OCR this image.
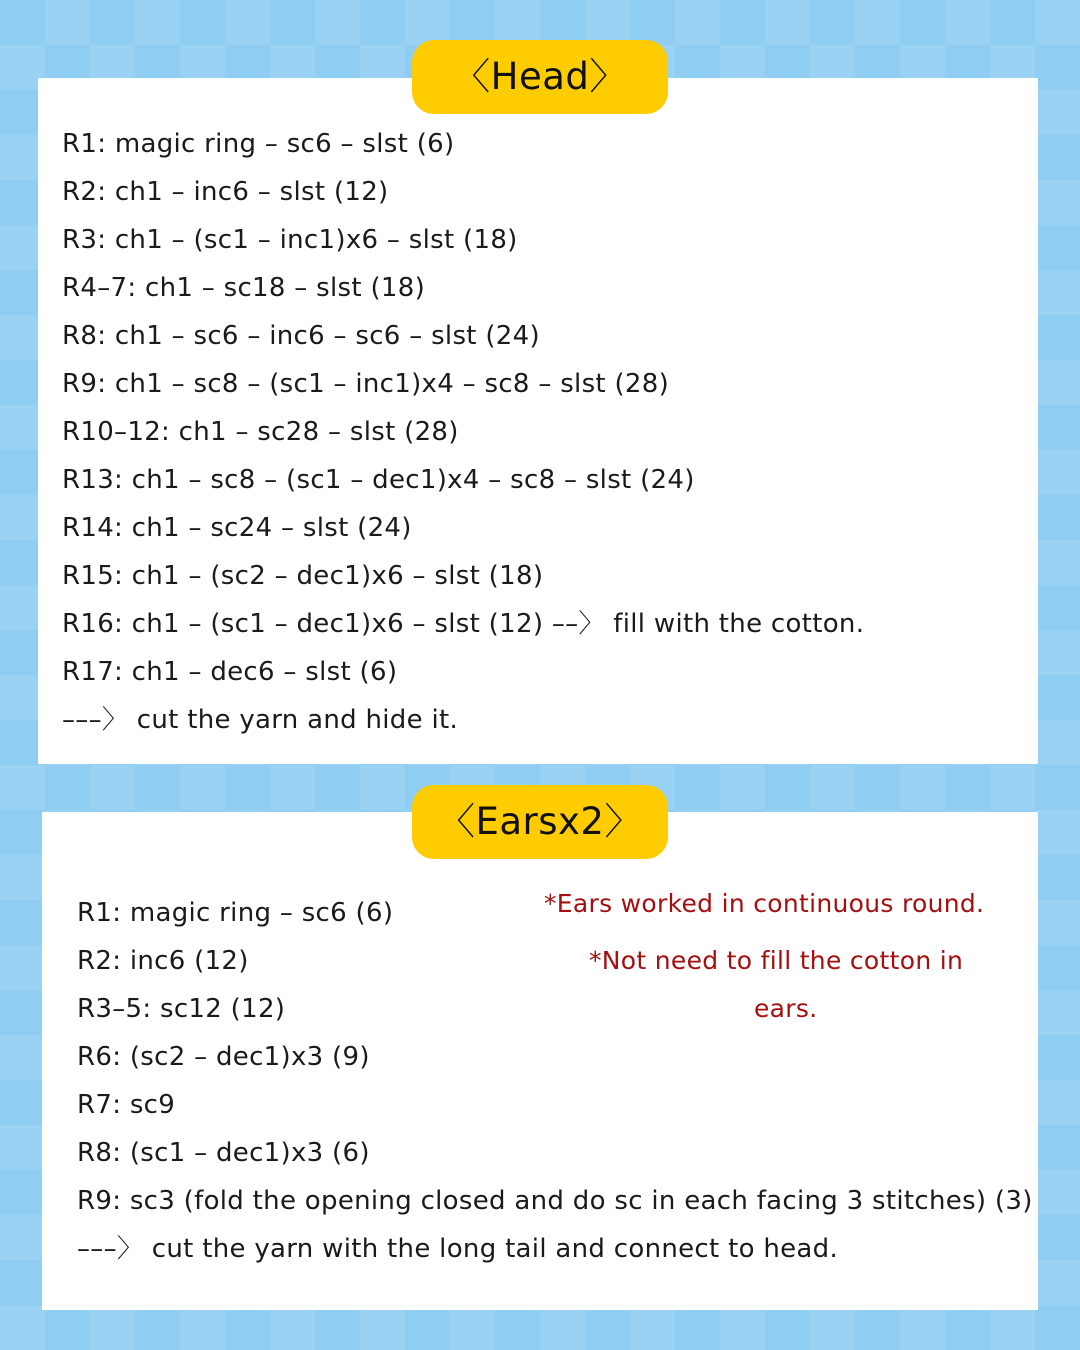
〈Head〉
〈Earsx2〉
R1: magic ring – sc6 – slst (6)
R2: ch1 – inc6 – slst (12)
R3: ch1 – (sc1 – inc1)x6 – slst (18)
R4–7: ch1 – sc18 – slst (18)
R8: ch1 – sc6 – inc6 – sc6 – slst (24)
R9: ch1 – sc8 – (sc1 – inc1)x4 – sc8 – slst (28)
R10–12: ch1 – sc28 – slst (28)
R13: ch1 – sc8 – (sc1 – dec1)x4 – sc8 – slst (24)
R14: ch1 – sc24 – slst (24)
R15: ch1 – (sc2 – dec1)x6 – slst (18)
R16: ch1 – (sc1 – dec1)x6 – slst (12) ––〉 fill with the cotton.
R17: ch1 – dec6 – slst (6)
–––〉 cut the yarn and hide it.
R1: magic ring – sc6 (6)
R2: inc6 (12)
R3–5: sc12 (12)
R6: (sc2 – dec1)x3 (9)
R7: sc9
R8: (sc1 – dec1)x3 (6)
R9: sc3 (fold the opening closed and do sc in each facing 3 stitches) (3)
–––〉 cut the yarn with the long tail and connect to head.
*Ears worked in continuous round.
*Not need to fill the cotton in
ears.
